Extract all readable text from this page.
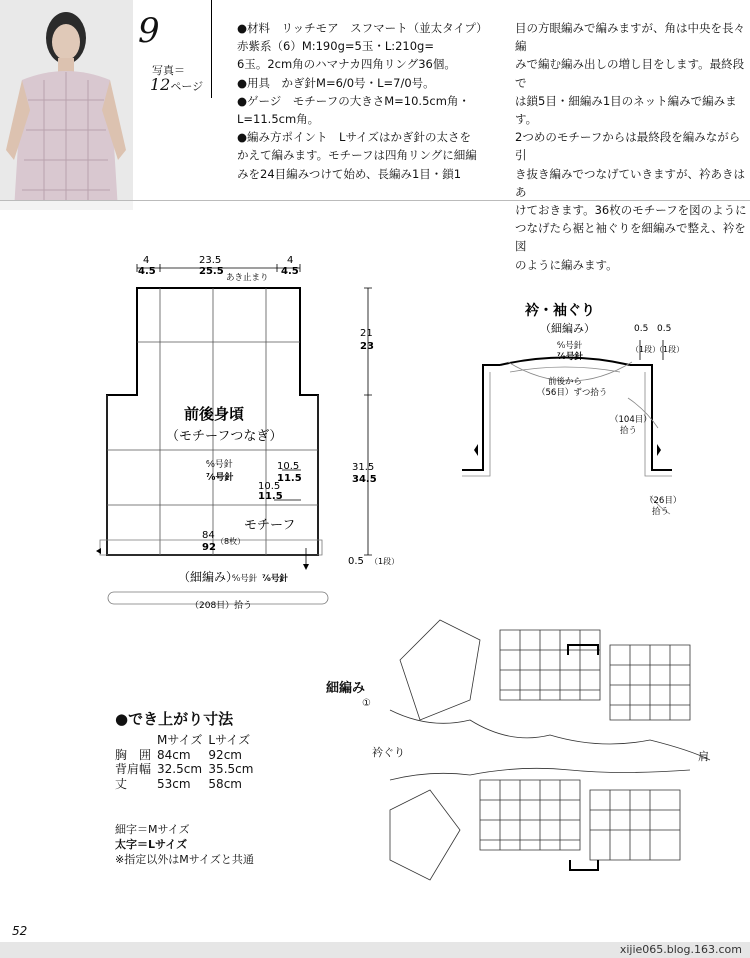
9
写真＝
12ページ

●材料　リッチモア　スフマート（並太タイプ）

赤紫系（6）M:190g=5玉・L:210g=

6玉。2cm角のハマナカ四角リング36個。

●用具　かぎ針M=6/0号・L=7/0号。

●ゲージ　モチーフの大きさM=10.5cm角・

L=11.5cm角。

●編み方ポイント　Lサイズはかぎ針の太さを

かえて編みます。モチーフは四角リングに細編

みを24目編みつけて始め、長編み1目・鎖1

目の方眼編みで編みますが、角は中央を長々編

みで編む編み出しの増し目をします。最終段で

は鎖5目・細編み1目のネット編みで編みます。

2つめのモチーフからは最終段を編みながら引

き抜き編みでつなげていきますが、衿あきはあ

けておきます。36枚のモチーフを図のように

つなげたら裾と袖ぐりを細編みで整え、衿を図

のように編みます。

4
4.5
23.5
25.5
4
4.5
あき止まり
21
23
31.5
34.5
0.5 （1段）
前後身頃
（モチーフつなぎ）
⁶⁄₀号針
⁷⁄₀号針
10.5
11.5
10.5
11.5
モチーフ
84
92
（8枚）
（細編み）
⁶⁄₀号針 ⁷⁄₀号針
（208目）拾う
衿・袖ぐり
（細編み）
⁶⁄₀号針
⁷⁄₀号針
0.5
（1段）
0.5
（1段）
前後から
（56目）ずつ拾う
（104目）
拾う
（26目）
拾う
細編み
①
衿ぐり	肩
●でき上がり寸法
	Mサイズ	Lサイズ
胸　囲	84cm	92cm
背肩幅	32.5cm	35.5cm
丈	53cm	58cm
細字＝Mサイズ
太字＝Lサイズ
※指定以外はMサイズと共通
52
xijie065.blog.163.com
